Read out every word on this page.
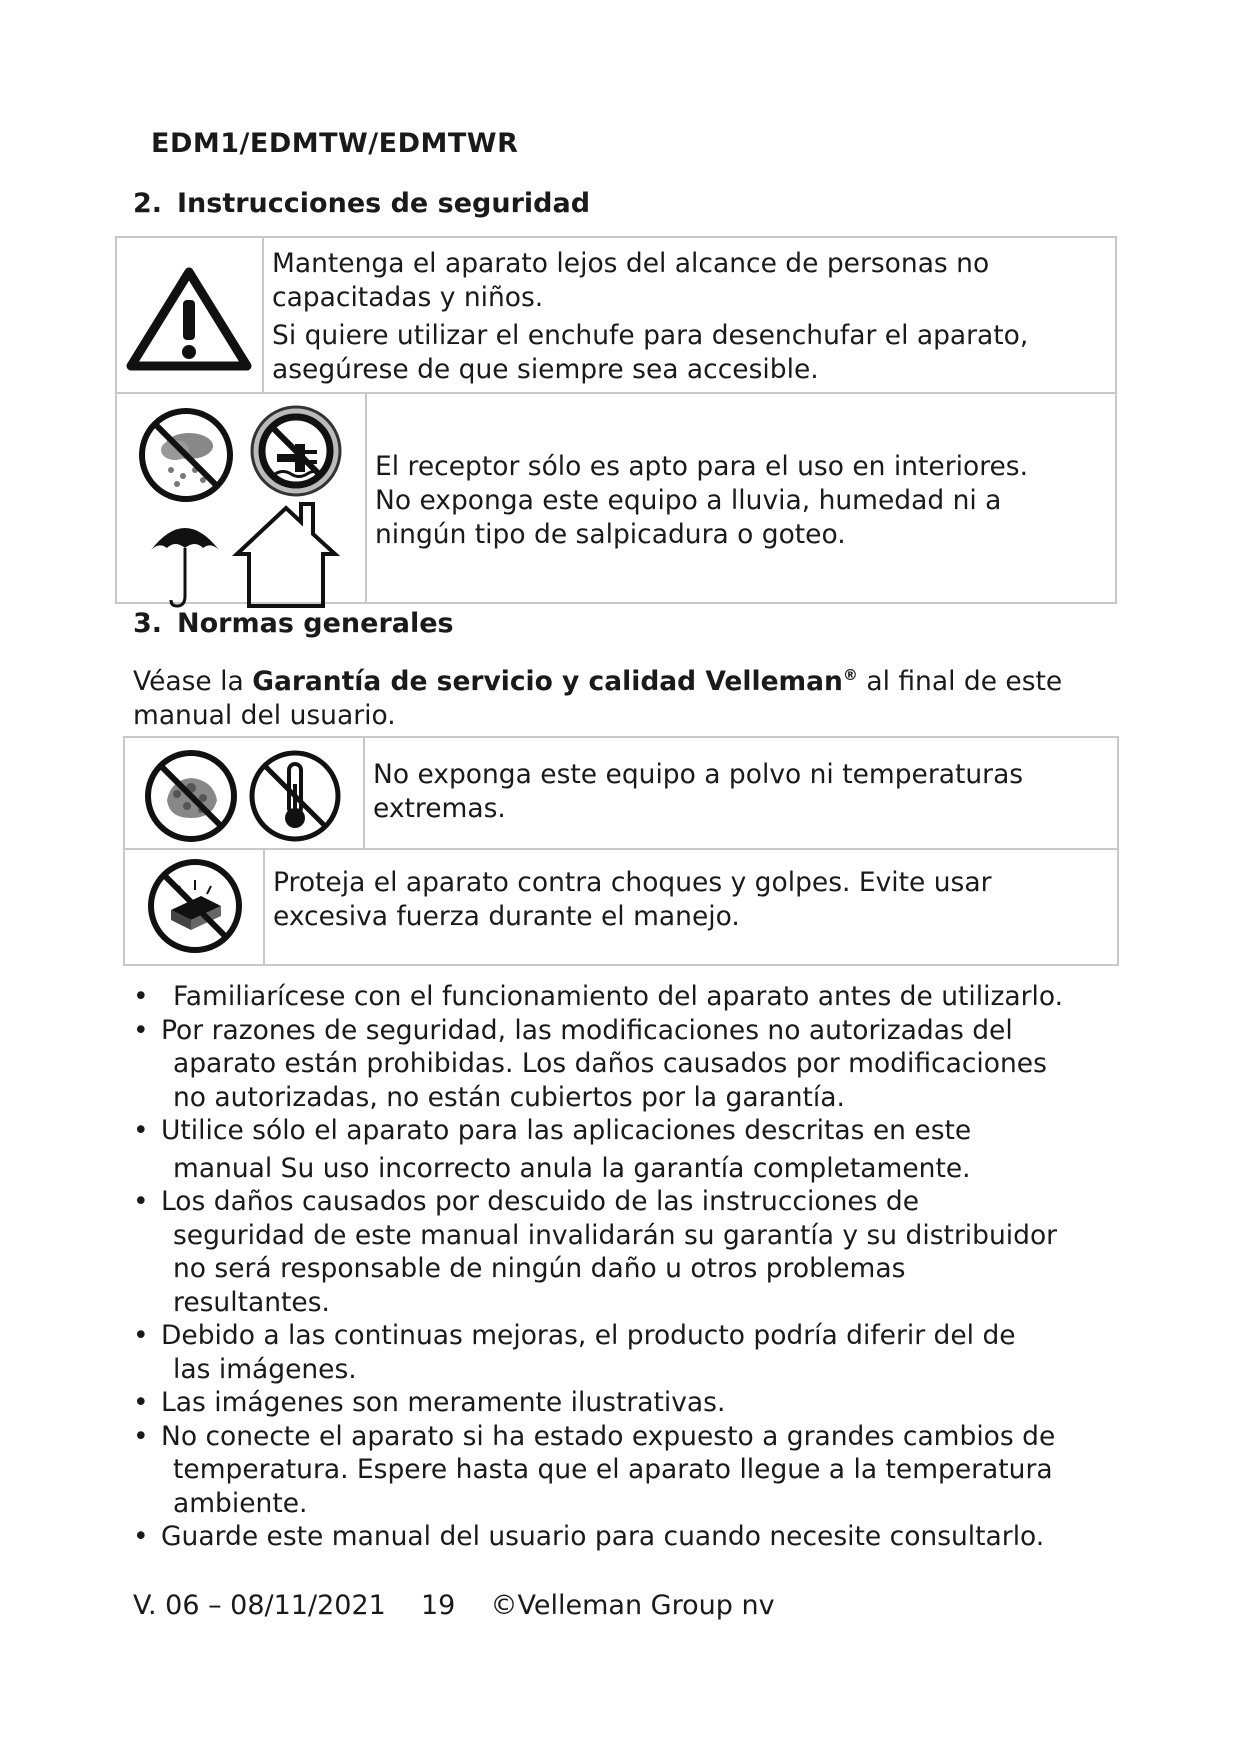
EDM1/EDMTW/EDMTWR
2. Instrucciones de seguridad

Mantenga el aparato lejos del alcance de personas no

capacitadas y niños.

Si quiere utilizar el enchufe para desenchufar el aparato,

asegúrese de que siempre sea accesible.

El receptor sólo es apto para el uso en interiores.

No exponga este equipo a lluvia, humedad ni a

ningún tipo de salpicadura o goteo.

3. Normas generales

Véase la Garantía de servicio y calidad Velleman® al final de este

manual del usuario.

No exponga este equipo a polvo ni temperaturas

extremas.

Proteja el aparato contra choques y golpes. Evite usar

excesiva fuerza durante el manejo.

• Familiarícese con el funcionamiento del aparato antes de utilizarlo.
• Por razones de seguridad, las modificaciones no autorizadas del
aparato están prohibidas. Los daños causados por modificaciones
no autorizadas, no están cubiertos por la garantía.
• Utilice sólo el aparato para las aplicaciones descritas en este
manual Su uso incorrecto anula la garantía completamente.
• Los daños causados por descuido de las instrucciones de
seguridad de este manual invalidarán su garantía y su distribuidor
no será responsable de ningún daño u otros problemas
resultantes.
• Debido a las continuas mejoras, el producto podría diferir del de
las imágenes.
• Las imágenes son meramente ilustrativas.
• No conecte el aparato si ha estado expuesto a grandes cambios de
temperatura. Espere hasta que el aparato llegue a la temperatura
ambiente.
• Guarde este manual del usuario para cuando necesite consultarlo.
V. 06 – 08/11/2021 19 ©Velleman Group nv
